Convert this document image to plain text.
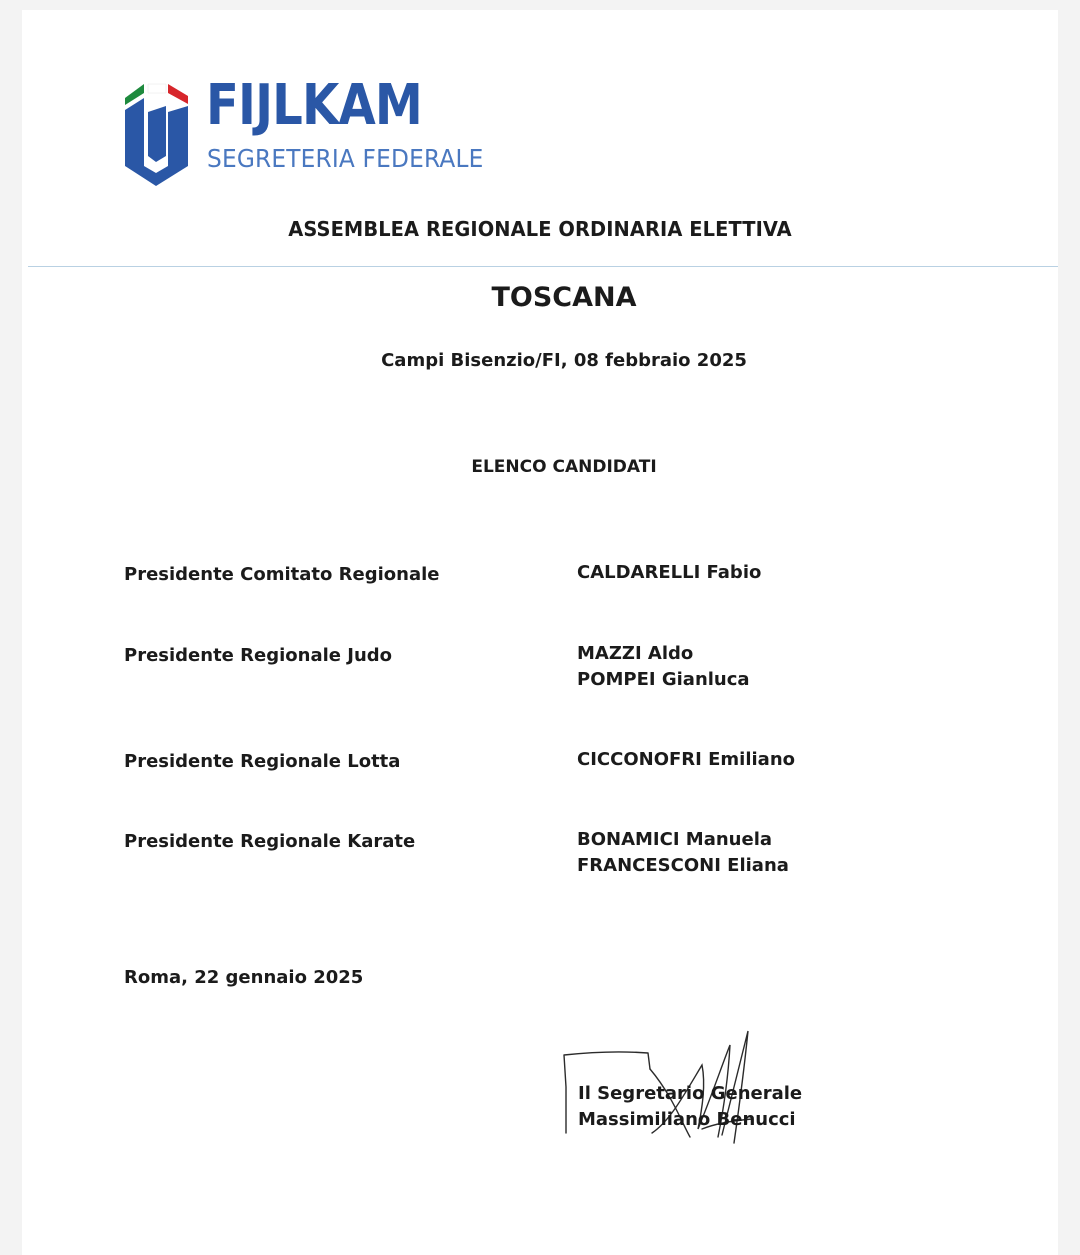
FIJLKAM
SEGRETERIA FEDERALE
ASSEMBLEA REGIONALE ORDINARIA ELETTIVA
TOSCANA
Campi Bisenzio/FI, 08 febbraio 2025
ELENCO CANDIDATI
Presidente Comitato Regionale	CALDARELLI Fabio
Presidente Regionale Judo	MAZZI Aldo
POMPEI Gianluca
Presidente Regionale Lotta	CICCONOFRI Emiliano
Presidente Regionale Karate	BONAMICI Manuela
FRANCESCONI Eliana
Roma, 22 gennaio 2025
Il Segretario Generale
Massimiliano Benucci
